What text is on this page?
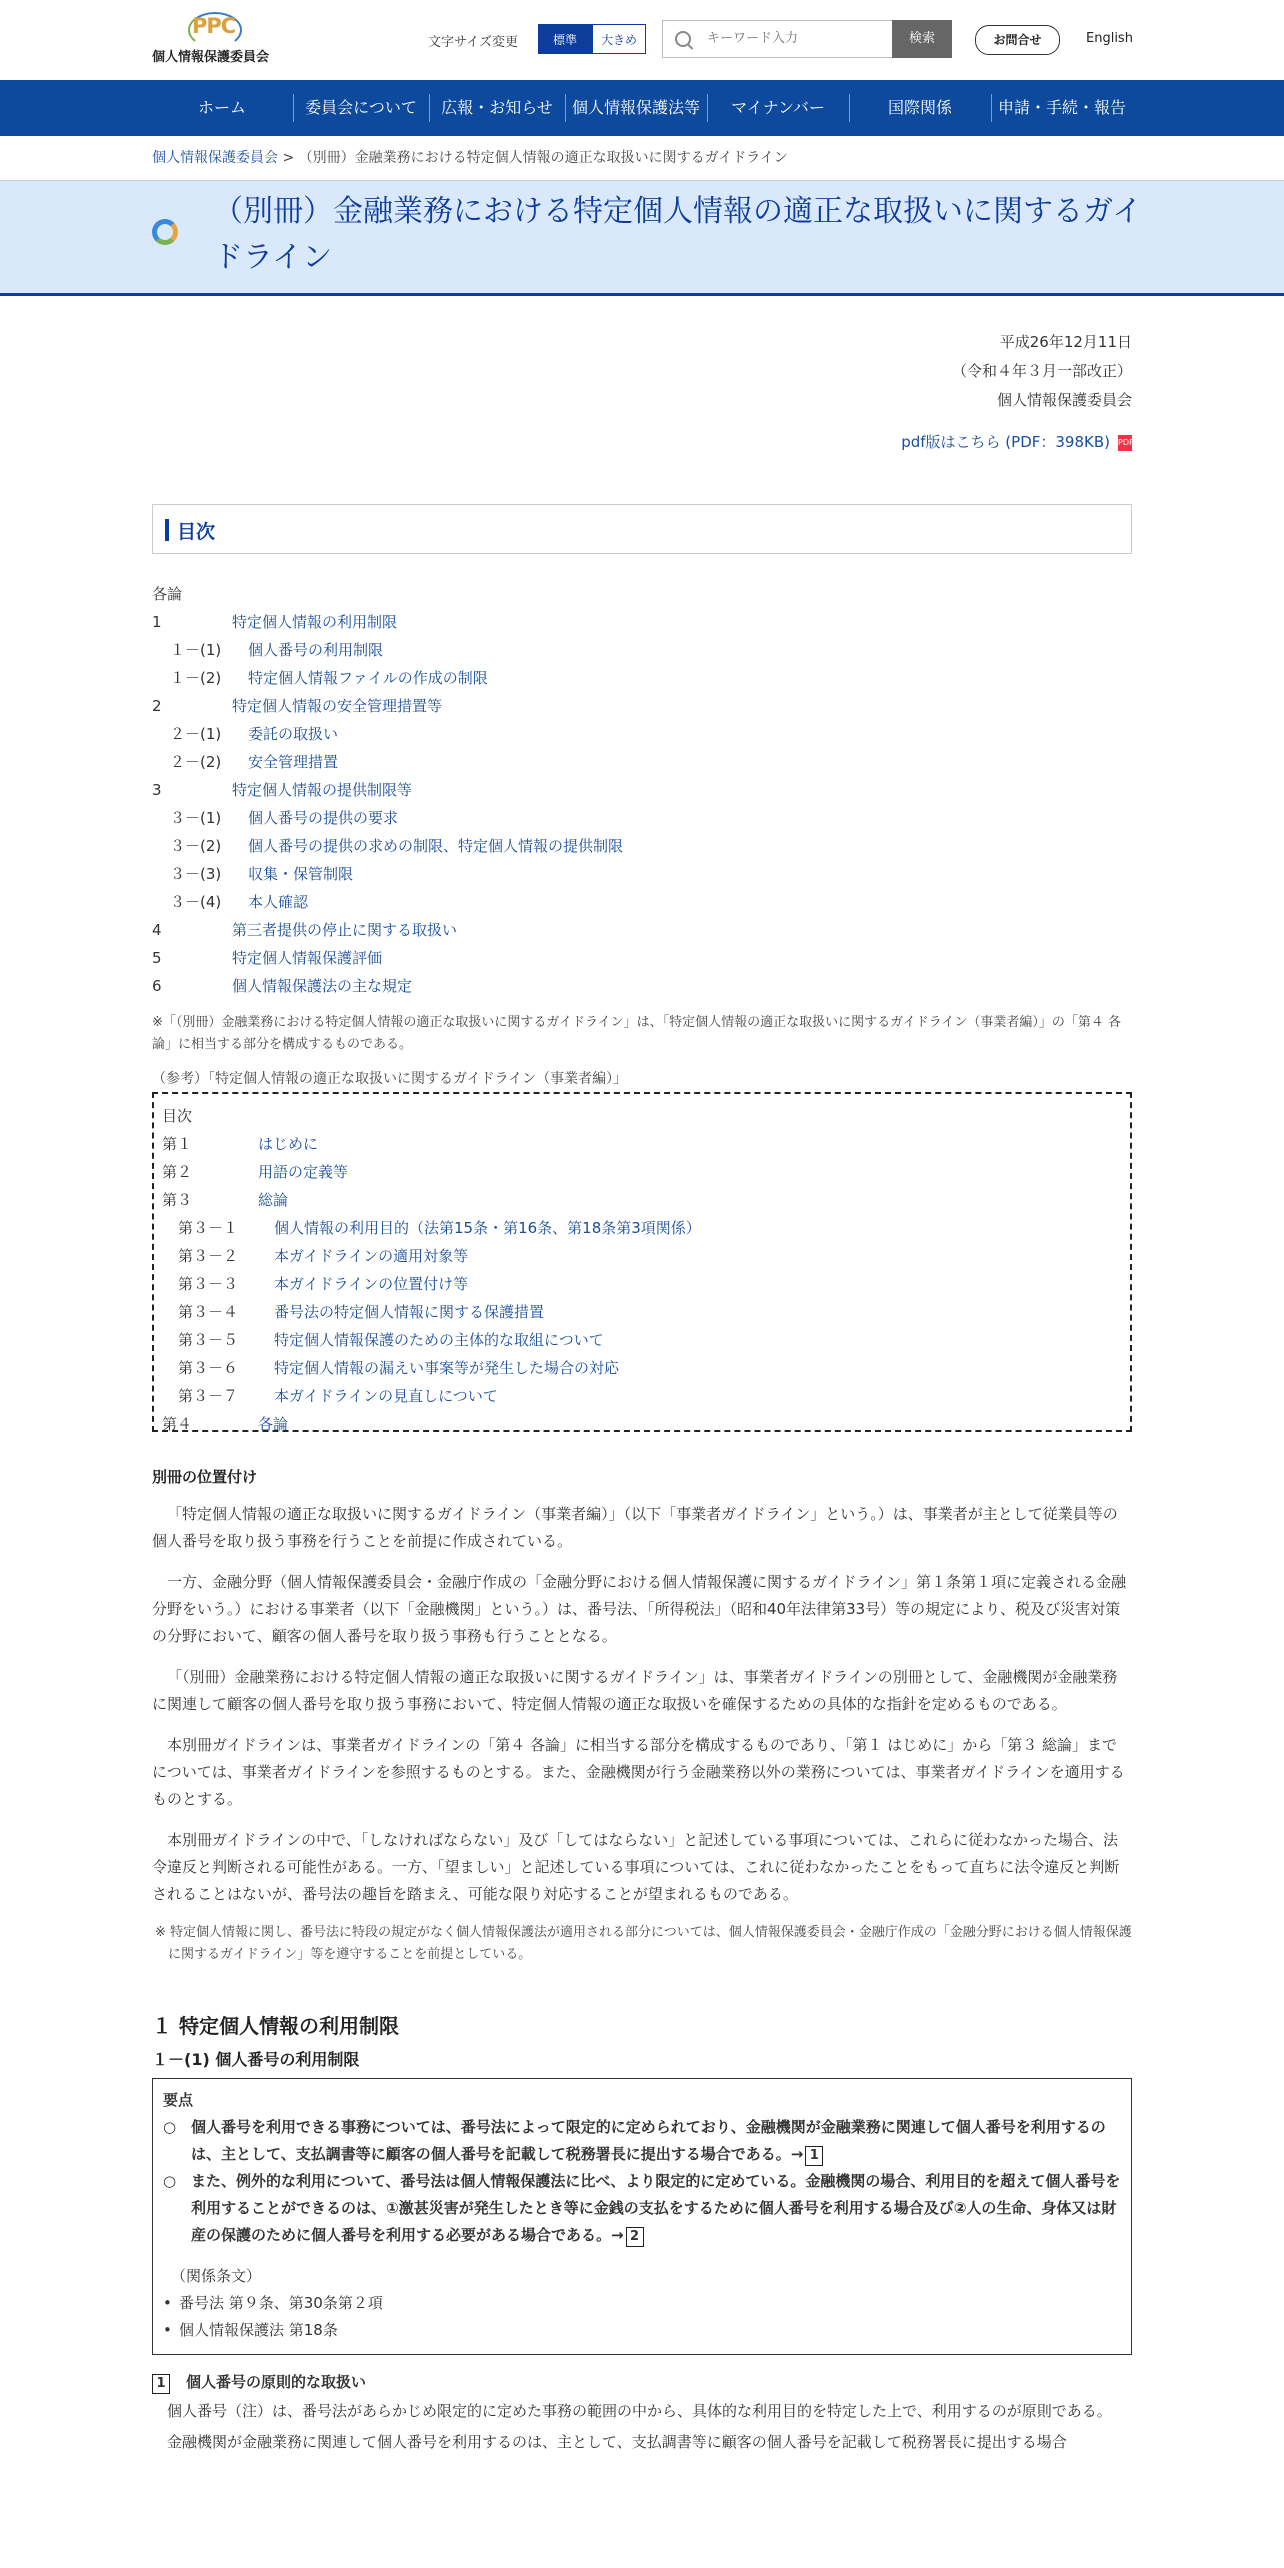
PPC
個人情報保護委員会
文字サイズ変更	標準	大きめ
キーワード入力	検索	お問合せ	English
ホーム	委員会について	広報・お知らせ	個人情報保護法等	マイナンバー	国際関係	申請・手続・報告
個人情報保護委員会 > （別冊）金融業務における特定個人情報の適正な取扱いに関するガイドライン
（別冊）金融業務における特定個人情報の適正な取扱いに関するガイドライン
平成26年12月11日
（令和４年３月一部改正）
個人情報保護委員会
pdf版はこちら (PDF：398KB) PDF
目次
各論
1	特定個人情報の利用制限
１－(1) 個人番号の利用制限
１－(2) 特定個人情報ファイルの作成の制限
2	特定個人情報の安全管理措置等
２－(1) 委託の取扱い
２－(2) 安全管理措置
3	特定個人情報の提供制限等
３－(1) 個人番号の提供の要求
３－(2) 個人番号の提供の求めの制限、特定個人情報の提供制限
３－(3) 収集・保管制限
３－(4) 本人確認
4	第三者提供の停止に関する取扱い
5	特定個人情報保護評価
6	個人情報保護法の主な規定
※「（別冊）金融業務における特定個人情報の適正な取扱いに関するガイドライン」は、「特定個人情報の適正な取扱いに関するガイドライン（事業者編）」の「第４ 各論」に相当する部分を構成するものである。
（参考）「特定個人情報の適正な取扱いに関するガイドライン（事業者編）」
目次
第１	はじめに
第２	用語の定義等
第３	総論
第３－１ 個人情報の利用目的（法第15条・第16条、第18条第3項関係）
第３－２ 本ガイドラインの適用対象等
第３－３ 本ガイドラインの位置付け等
第３－４ 番号法の特定個人情報に関する保護措置
第３－５ 特定個人情報保護のための主体的な取組について
第３－６ 特定個人情報の漏えい事案等が発生した場合の対応
第３－７ 本ガイドラインの見直しについて
第４	各論
別冊の位置付け
「特定個人情報の適正な取扱いに関するガイドライン（事業者編）」（以下「事業者ガイドライン」という。）は、事業者が主として従業員等の個人番号を取り扱う事務を行うことを前提に作成されている。
一方、金融分野（個人情報保護委員会・金融庁作成の「金融分野における個人情報保護に関するガイドライン」第１条第１項に定義される金融分野をいう。）における事業者（以下「金融機関」という。）は、番号法、「所得税法」（昭和40年法律第33号）等の規定により、税及び災害対策の分野において、顧客の個人番号を取り扱う事務も行うこととなる。
「（別冊）金融業務における特定個人情報の適正な取扱いに関するガイドライン」は、事業者ガイドラインの別冊として、金融機関が金融業務に関連して顧客の個人番号を取り扱う事務において、特定個人情報の適正な取扱いを確保するための具体的な指針を定めるものである。
本別冊ガイドラインは、事業者ガイドラインの「第４ 各論」に相当する部分を構成するものであり、「第１ はじめに」から「第３ 総論」までについては、事業者ガイドラインを参照するものとする。また、金融機関が行う金融業務以外の業務については、事業者ガイドラインを適用するものとする。
本別冊ガイドラインの中で、「しなければならない」及び「してはならない」と記述している事項については、これらに従わなかった場合、法令違反と判断される可能性がある。一方、「望ましい」と記述している事項については、これに従わなかったことをもって直ちに法令違反と判断されることはないが、番号法の趣旨を踏まえ、可能な限り対応することが望まれるものである。
※ 特定個人情報に関し、番号法に特段の規定がなく個人情報保護法が適用される部分については、個人情報保護委員会・金融庁作成の「金融分野における個人情報保護に関するガイドライン」等を遵守することを前提としている。
１ 特定個人情報の利用制限
１－(1) 個人番号の利用制限
要点
○ 個人番号を利用できる事務については、番号法によって限定的に定められており、金融機関が金融業務に関連して個人番号を利用するのは、主として、支払調書等に顧客の個人番号を記載して税務署長に提出する場合である。→ 1
○ また、例外的な利用について、番号法は個人情報保護法に比べ、より限定的に定めている。金融機関の場合、利用目的を超えて個人番号を利用することができるのは、①激甚災害が発生したとき等に金銭の支払をするために個人番号を利用する場合及び②人の生命、身体又は財産の保護のために個人番号を利用する必要がある場合である。→ 2
（関係条文）
• 番号法 第９条、第30条第２項
• 個人情報保護法 第18条
1 個人番号の原則的な取扱い
個人番号（注）は、番号法があらかじめ限定的に定めた事務の範囲の中から、具体的な利用目的を特定した上で、利用するのが原則である。
金融機関が金融業務に関連して個人番号を利用するのは、主として、支払調書等に顧客の個人番号を記載して税務署長に提出する場合
